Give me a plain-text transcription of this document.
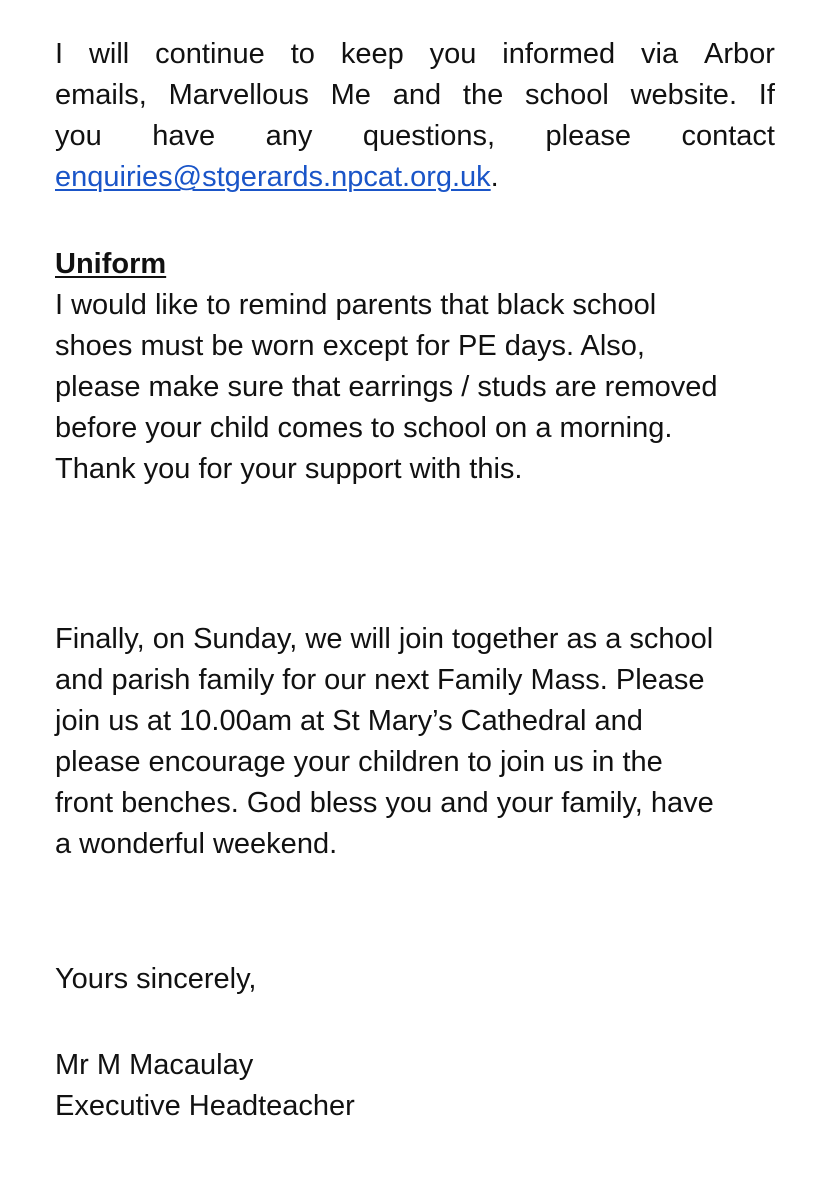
I will continue to keep you informed via Arbor
emails, Marvellous Me and the school website. If
you have any questions, please contact
enquiries@stgerards.npcat.org.uk.
Uniform
I would like to remind parents that black school
shoes must be worn except for PE days. Also,
please make sure that earrings / studs are removed
before your child comes to school on a morning.
Thank you for your support with this.
Finally, on Sunday, we will join together as a school
and parish family for our next Family Mass. Please
join us at 10.00am at St Mary’s Cathedral and
please encourage your children to join us in the
front benches. God bless you and your family, have
a wonderful weekend.
Yours sincerely,
Mr M Macaulay
Executive Headteacher
